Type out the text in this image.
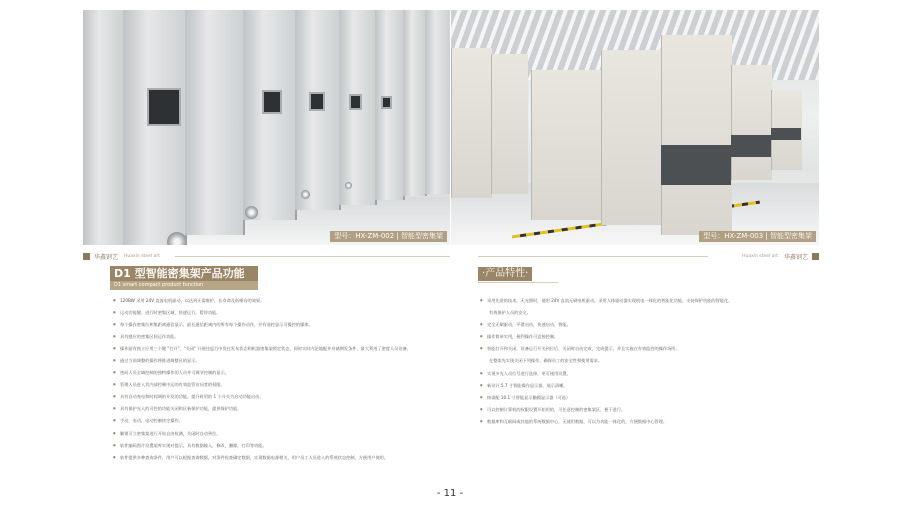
型号：HX-ZM-002 | 智能型密集架	型号：HX-ZM-003 | 智能型密集架
华鑫钢艺 Huaxin steel art	华鑫钢艺
Huaxin steel art
D1 型智能密集架产品功能
D1 smart compact product function
● 120BW 采用 24V 直流电机驱动，以达到无需维护，长寿命及低噪音的效果。
● 运动功能键。进行时密集区域，快速运行，暂停功能。
● 每个操作密集位和集距离通信显示，最长通信距离内的所有每个操作动作，并有遥控显示可操控的媒体。
● 具有感应的密集区间运作功能。
● 操作面有独立应用三个键 "打开"、"关闭" 开展往返行中发往发布状态和机器密集架锁定状态，同时实时内论地配并对储期发条件，最大利用了密度人员设备。
● 通过当前调整的操作将推进调整区的显示。
● 密码人员全域控制的独特操作的人员并可调节控制的显示。
● 管理人员进入其内部控制中运的有效监管访问者的权限。
● 具有自动充电和时间调的开发的功能，提升时用的 1 个开关为启动功能启动。
● 具有保护光入的可控的功能关闭和区新保护功能，提供保护功能。
● 手动，电动，电动控制快定操作。
● 解锁可立密集架进行开始自由检测，关闭时自动到位。
● 软件编码图片设置架库实现对提示，具有数据输入，修改，删除，打印等功能。
● 软件提供多种查询条件，用户可以根据查询数据，对条件检查确定数据，实现数据电源相关，用户员工人员进入的系统状态控制，方便用户使用。
·产品特性·
● 采用先进的技术，无光照时，使用 24V 直流无刷电机驱动，采用人体驱动器实现机电一体化的智能化功能，支持保护功能的智能化。
有效保护人员的安全。
● 完全无刷驱动，平滑启动，快速启动，智能。
● 操作简单实用，便利操作可直接控制。
● 智能打开和关闭，设备运行开关到位后，关闭时自动完成，完成提示，并且实施在有效监控的操作场所。
在整架先实现关闭下列操作，确保员工的安全性和使用需求。
● 实现多先人员位号进行选择，更可使用设置。
● 新设计 5.7 寸智能操作显示器，展示清晰。
● 按需配 10.1 寸智能显示触摸显示器（可选）
● 可以控制计算机的权限设置开始用的，可任意控制的密集架区，便于进行。
● 数据库和互联网或其他的系统数据中心，无使用数据，可以为功能一体化的，方便数据中心管理。
- 11 -
